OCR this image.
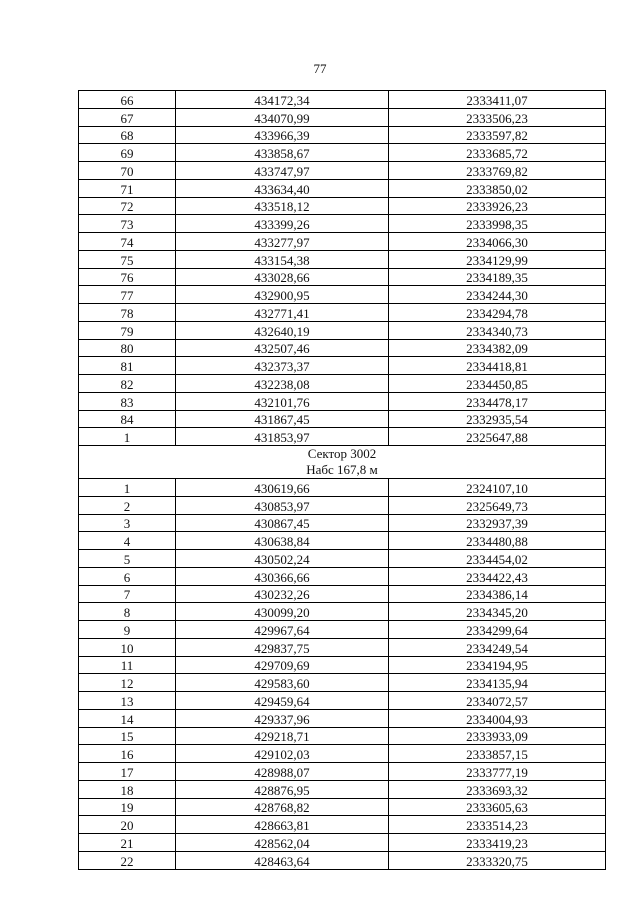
77
66	434172,34	2333411,07
67	434070,99	2333506,23
68	433966,39	2333597,82
69	433858,67	2333685,72
70	433747,97	2333769,82
71	433634,40	2333850,02
72	433518,12	2333926,23
73	433399,26	2333998,35
74	433277,97	2334066,30
75	433154,38	2334129,99
76	433028,66	2334189,35
77	432900,95	2334244,30
78	432771,41	2334294,78
79	432640,19	2334340,73
80	432507,46	2334382,09
81	432373,37	2334418,81
82	432238,08	2334450,85
83	432101,76	2334478,17
84	431867,45	2332935,54
1	431853,97	2325647,88

Сектор 3002
Набс 167,8 м		

1	430619,66	2324107,10
2	430853,97	2325649,73
3	430867,45	2332937,39
4	430638,84	2334480,88
5	430502,24	2334454,02
6	430366,66	2334422,43
7	430232,26	2334386,14
8	430099,20	2334345,20
9	429967,64	2334299,64
10	429837,75	2334249,54
11	429709,69	2334194,95
12	429583,60	2334135,94
13	429459,64	2334072,57
14	429337,96	2334004,93
15	429218,71	2333933,09
16	429102,03	2333857,15
17	428988,07	2333777,19
18	428876,95	2333693,32
19	428768,82	2333605,63
20	428663,81	2333514,23
21	428562,04	2333419,23
22	428463,64	2333320,75
